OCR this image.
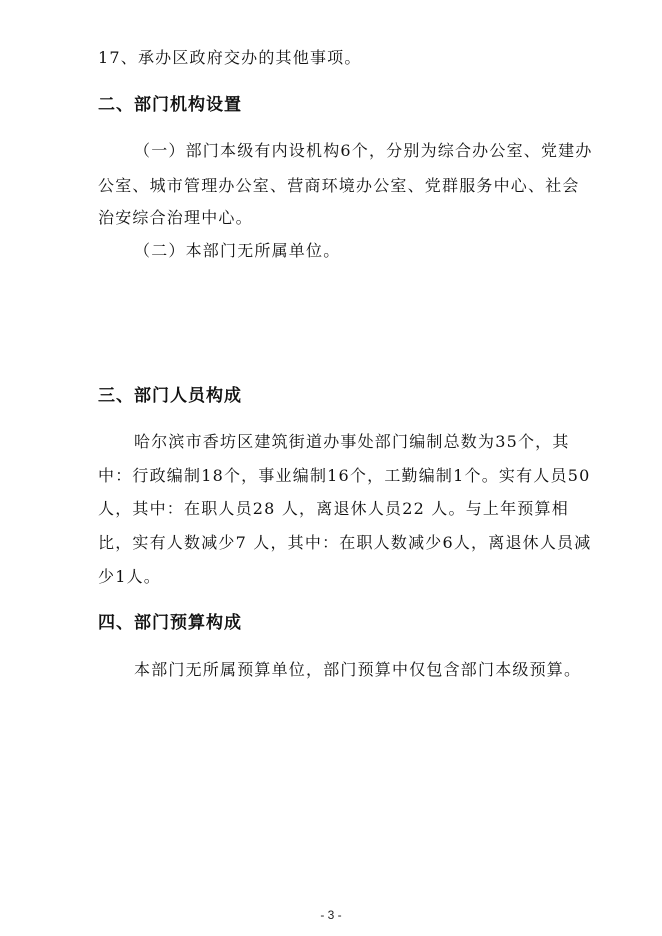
17、承办区政府交办的其他事项。
二、部门机构设置
（一）部门本级有内设机构6个，分别为综合办公室、党建办
公室、城市管理办公室、营商环境办公室、党群服务中心、社会
治安综合治理中心。
（二）本部门无所属单位。
三、部门人员构成
哈尔滨市香坊区建筑街道办事处部门编制总数为35个，其
中：行政编制18个，事业编制16个，工勤编制1个。实有人员50
人，其中：在职人员28 人，离退休人员22 人。与上年预算相
比，实有人数减少7 人，其中：在职人数减少6人，离退休人员减
少1人。
四、部门预算构成
本部门无所属预算单位，部门预算中仅包含部门本级预算。
- 3 -
